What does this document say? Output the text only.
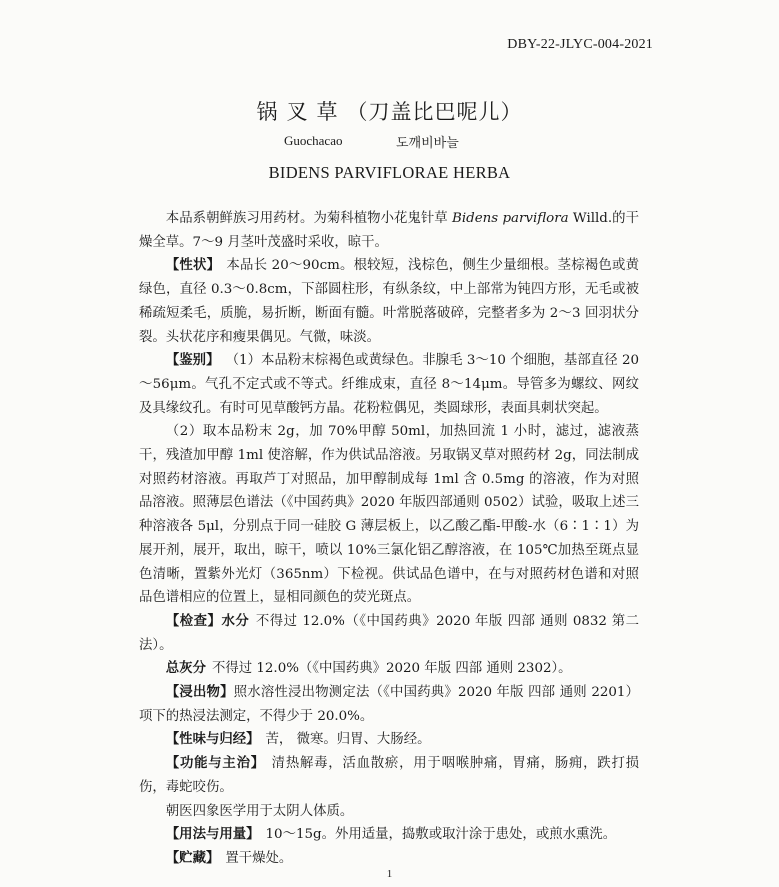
DBY-22-JLYC-004-2021
锅叉草（刀盖比巴呢儿）
Guochacao	도깨비바늘
BIDENS PARVIFLORAE HERBA

本品系朝鲜族习用药材。为菊科植物小花鬼针草 Bidens parviflora Willd.的干燥全草。7～9 月茎叶茂盛时采收，晾干。

【性状】 本品长 20～90cm。根较短，浅棕色，侧生少量细根。茎棕褐色或黄绿色，直径 0.3～0.8cm，下部圆柱形，有纵条纹，中上部常为钝四方形，无毛或被稀疏短柔毛，质脆，易折断，断面有髓。叶常脱落破碎，完整者多为 2～3 回羽状分裂。头状花序和瘦果偶见。气微，味淡。

【鉴别】 （1）本品粉末棕褐色或黄绿色。非腺毛 3～10 个细胞，基部直径 20～56μm。气孔不定式或不等式。纤维成束，直径 8～14μm。导管多为螺纹、网纹及具缘纹孔。有时可见草酸钙方晶。花粉粒偶见，类圆球形，表面具刺状突起。

（2）取本品粉末 2g，加 70%甲醇 50ml，加热回流 1 小时，滤过，滤液蒸干，残渣加甲醇 1ml 使溶解，作为供试品溶液。另取锅叉草对照药材 2g，同法制成对照药材溶液。再取芦丁对照品，加甲醇制成每 1ml 含 0.5mg 的溶液，作为对照品溶液。照薄层色谱法（《中国药典》2020 年版四部通则 0502）试验，吸取上述三种溶液各 5μl，分别点于同一硅胶 G 薄层板上，以乙酸乙酯-甲酸-水（6∶1∶1）为展开剂，展开，取出，晾干，喷以 10%三氯化铝乙醇溶液，在 105℃加热至斑点显色清晰，置紫外光灯（365nm）下检视。供试品色谱中，在与对照药材色谱和对照品色谱相应的位置上，显相同颜色的荧光斑点。

【检查】水分 不得过 12.0%（《中国药典》2020 年版 四部 通则 0832 第二法）。

总灰分 不得过 12.0%（《中国药典》2020 年版 四部 通则 2302）。

【浸出物】照水溶性浸出物测定法（《中国药典》2020 年版 四部 通则 2201）项下的热浸法测定，不得少于 20.0%。

【性味与归经】 苦， 微寒。归胃、大肠经。

【功能与主治】 清热解毒，活血散瘀，用于咽喉肿痛，胃痛，肠痈，跌打损伤，毒蛇咬伤。

朝医四象医学用于太阴人体质。

【用法与用量】 10～15g。外用适量，捣敷或取汁涂于患处，或煎水熏洗。

【贮藏】 置干燥处。

1
